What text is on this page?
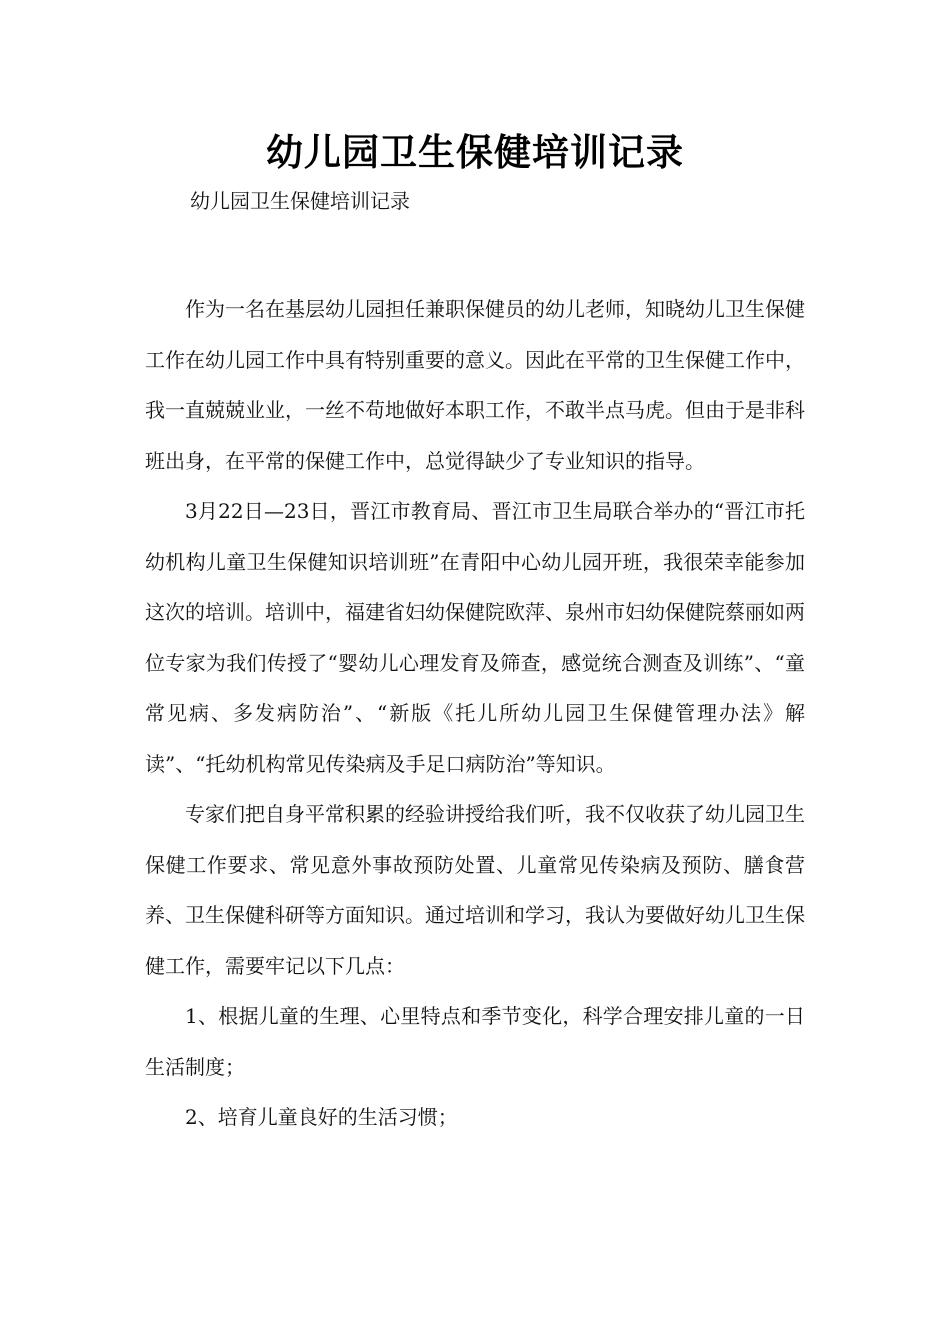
幼儿园卫生保健培训记录
幼儿园卫生保健培训记录

作为一名在基层幼儿园担任兼职保健员的幼儿老师，知晓幼儿卫生保健工作在幼儿园工作中具有特别重要的意义。因此在平常的卫生保健工作中，我一直兢兢业业，一丝不苟地做好本职工作，不敢半点马虎。但由于是非科班出身，在平常的保健工作中，总觉得缺少了专业知识的指导。

3月22日—23日，晋江市教育局、晋江市卫生局联合举办的“晋江市托幼机构儿童卫生保健知识培训班”在青阳中心幼儿园开班，我很荣幸能参加这次的培训。培训中，福建省妇幼保健院欧萍、泉州市妇幼保健院蔡丽如两位专家为我们传授了“婴幼儿心理发育及筛查，感觉统合测查及训练”、“童常见病、多发病防治”、“新版《托儿所幼儿园卫生保健管理办法》解读”、“托幼机构常见传染病及手足口病防治”等知识。

专家们把自身平常积累的经验讲授给我们听，我不仅收获了幼儿园卫生保健工作要求、常见意外事故预防处置、儿童常见传染病及预防、膳食营养、卫生保健科研等方面知识。通过培训和学习，我认为要做好幼儿卫生保健工作，需要牢记以下几点：

1、根据儿童的生理、心里特点和季节变化，科学合理安排儿童的一日生活制度；

2、培育儿童良好的生活习惯；
